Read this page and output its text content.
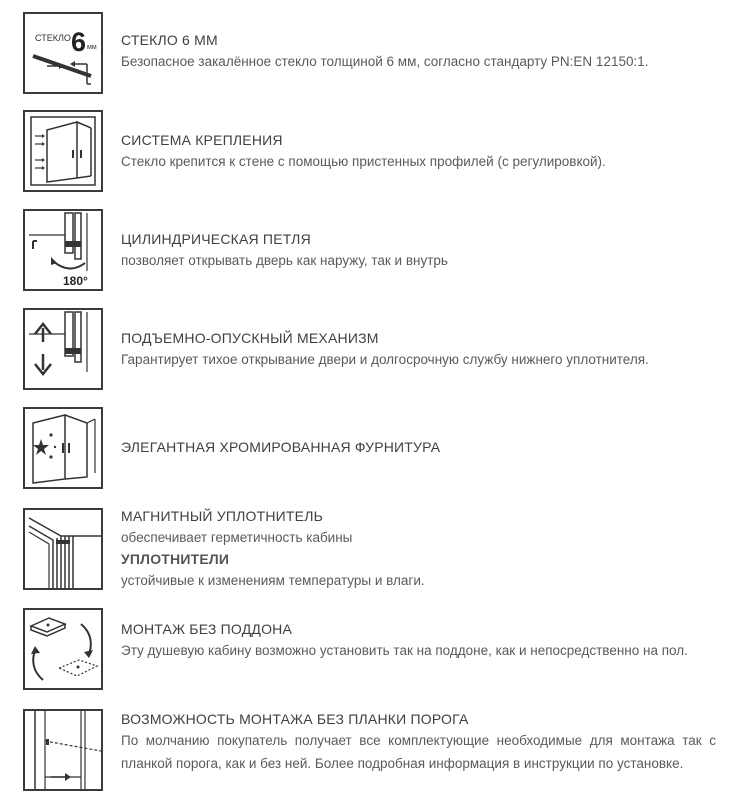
СТЕКЛО 6 мм СТЕКЛО 6 ММ
Безопасное закалённое стекло толщиной 6 мм, согласно стандарту PN:EN 12150:1.
СИСТЕМА КРЕПЛЕНИЯ
Стекло крепится к стене с помощью пристенных профилей (с регулировкой).
180°
ЦИЛИНДРИЧЕСКАЯ ПЕТЛЯ
позволяет открывать дверь как наружу, так и внутрь
ПОДЪЕМНО-ОПУСКНЫЙ МЕХАНИЗМ
Гарантирует тихое открывание двери и долгосрочную службу нижнего уплотнителя.
ЭЛЕГАНТНАЯ ХРОМИРОВАННАЯ ФУРНИТУРА
МАГНИТНЫЙ УПЛОТНИТЕЛЬ
обеспечивает герметичность кабины
УПЛОТНИТЕЛИ
устойчивые к изменениям температуры и влаги.
МОНТАЖ БЕЗ ПОДДОНА
Эту душевую кабину возможно установить так на поддоне, как и непосредственно на пол.
ВОЗМОЖНОСТЬ МОНТАЖА БЕЗ ПЛАНКИ ПОРОГА
По молчанию покупатель получает все комплектующие необходимые для монтажа так с планкой порога, как и без ней. Более подробная информация в инструкции по установке.
